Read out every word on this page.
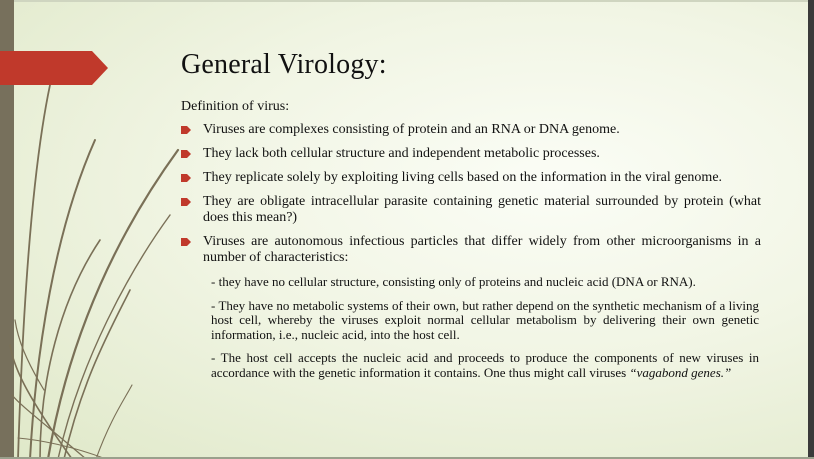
General Virology:
Definition of virus:
Viruses are complexes consisting of protein and an RNA or DNA genome.
They lack both cellular structure and independent metabolic processes.
They replicate solely by exploiting living cells based on the information in the viral genome.
They are obligate intracellular parasite containing genetic material surrounded by protein (what does this mean?)
Viruses are autonomous infectious particles that differ widely from other microorganisms in a number of characteristics:
- they have no cellular structure, consisting only of proteins and nucleic acid (DNA or RNA).
- They have no metabolic systems of their own, but rather depend on the synthetic mechanism of a living host cell, whereby the viruses exploit normal cellular metabolism by delivering their own genetic information, i.e., nucleic acid, into the host cell.
- The host cell accepts the nucleic acid and proceeds to produce the components of new viruses in accordance with the genetic information it contains. One thus might call viruses “vagabond genes.”
